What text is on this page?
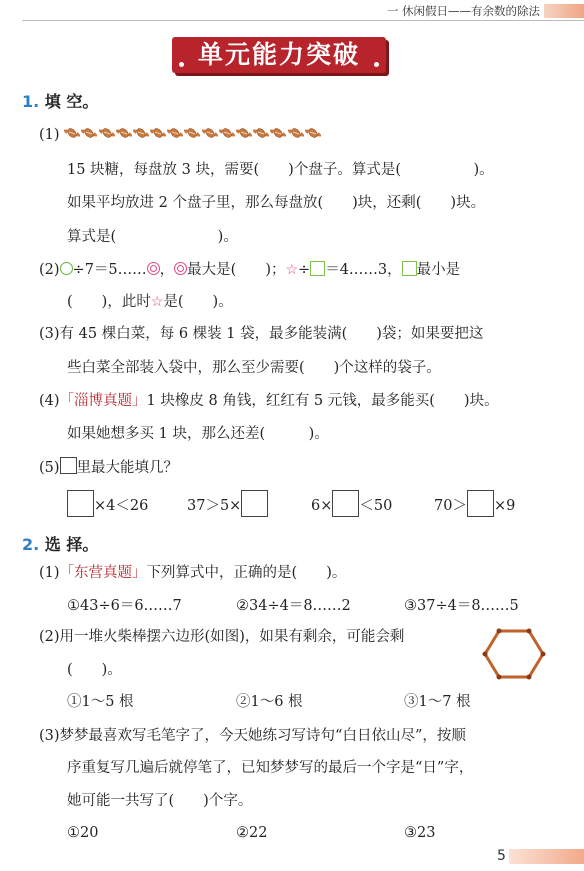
一 休闲假日——有余数的除法
单元能力突破
1. 填 空。
(1)
15 块糖，每盘放 3 块，需要(　　)个盘子。算式是(　　　　　)。
如果平均放进 2 个盘子里，那么每盘放(　　)块，还剩(　　)块。
算式是(　　　　　　　)。
(2) ÷7＝5…… ， 最大是(　　)；☆÷ ＝4……3， 最小是
(　　)，此时☆是(　　)。
(3)有 45 棵白菜，每 6 棵装 1 袋，最多能装满(　　)袋；如果要把这
些白菜全部装入袋中，那么至少需要(　　)个这样的袋子。
(4)「淄博真题」1 块橡皮 8 角钱，红红有 5 元钱，最多能买(　　)块。
如果她想多买 1 块，那么还差(　　　)。
(5) 里最大能填几？
×4＜26	37＞5×	6× ＜50	70＞ ×9
2. 选 择。
(1)「东营真题」下列算式中，正确的是(　　)。
①43÷6＝6……7	②34÷4＝8……2	③37÷4＝8……5
(2)用一堆火柴棒摆六边形(如图)，如果有剩余，可能会剩
(　　)。
①1～5 根	②1～6 根	③1～7 根
(3)梦梦最喜欢写毛笔字了，今天她练习写诗句“白日依山尽”，按顺
序重复写几遍后就停笔了，已知梦梦写的最后一个字是“日”字，
她可能一共写了(　　)个字。
①20	②22	③23
5
